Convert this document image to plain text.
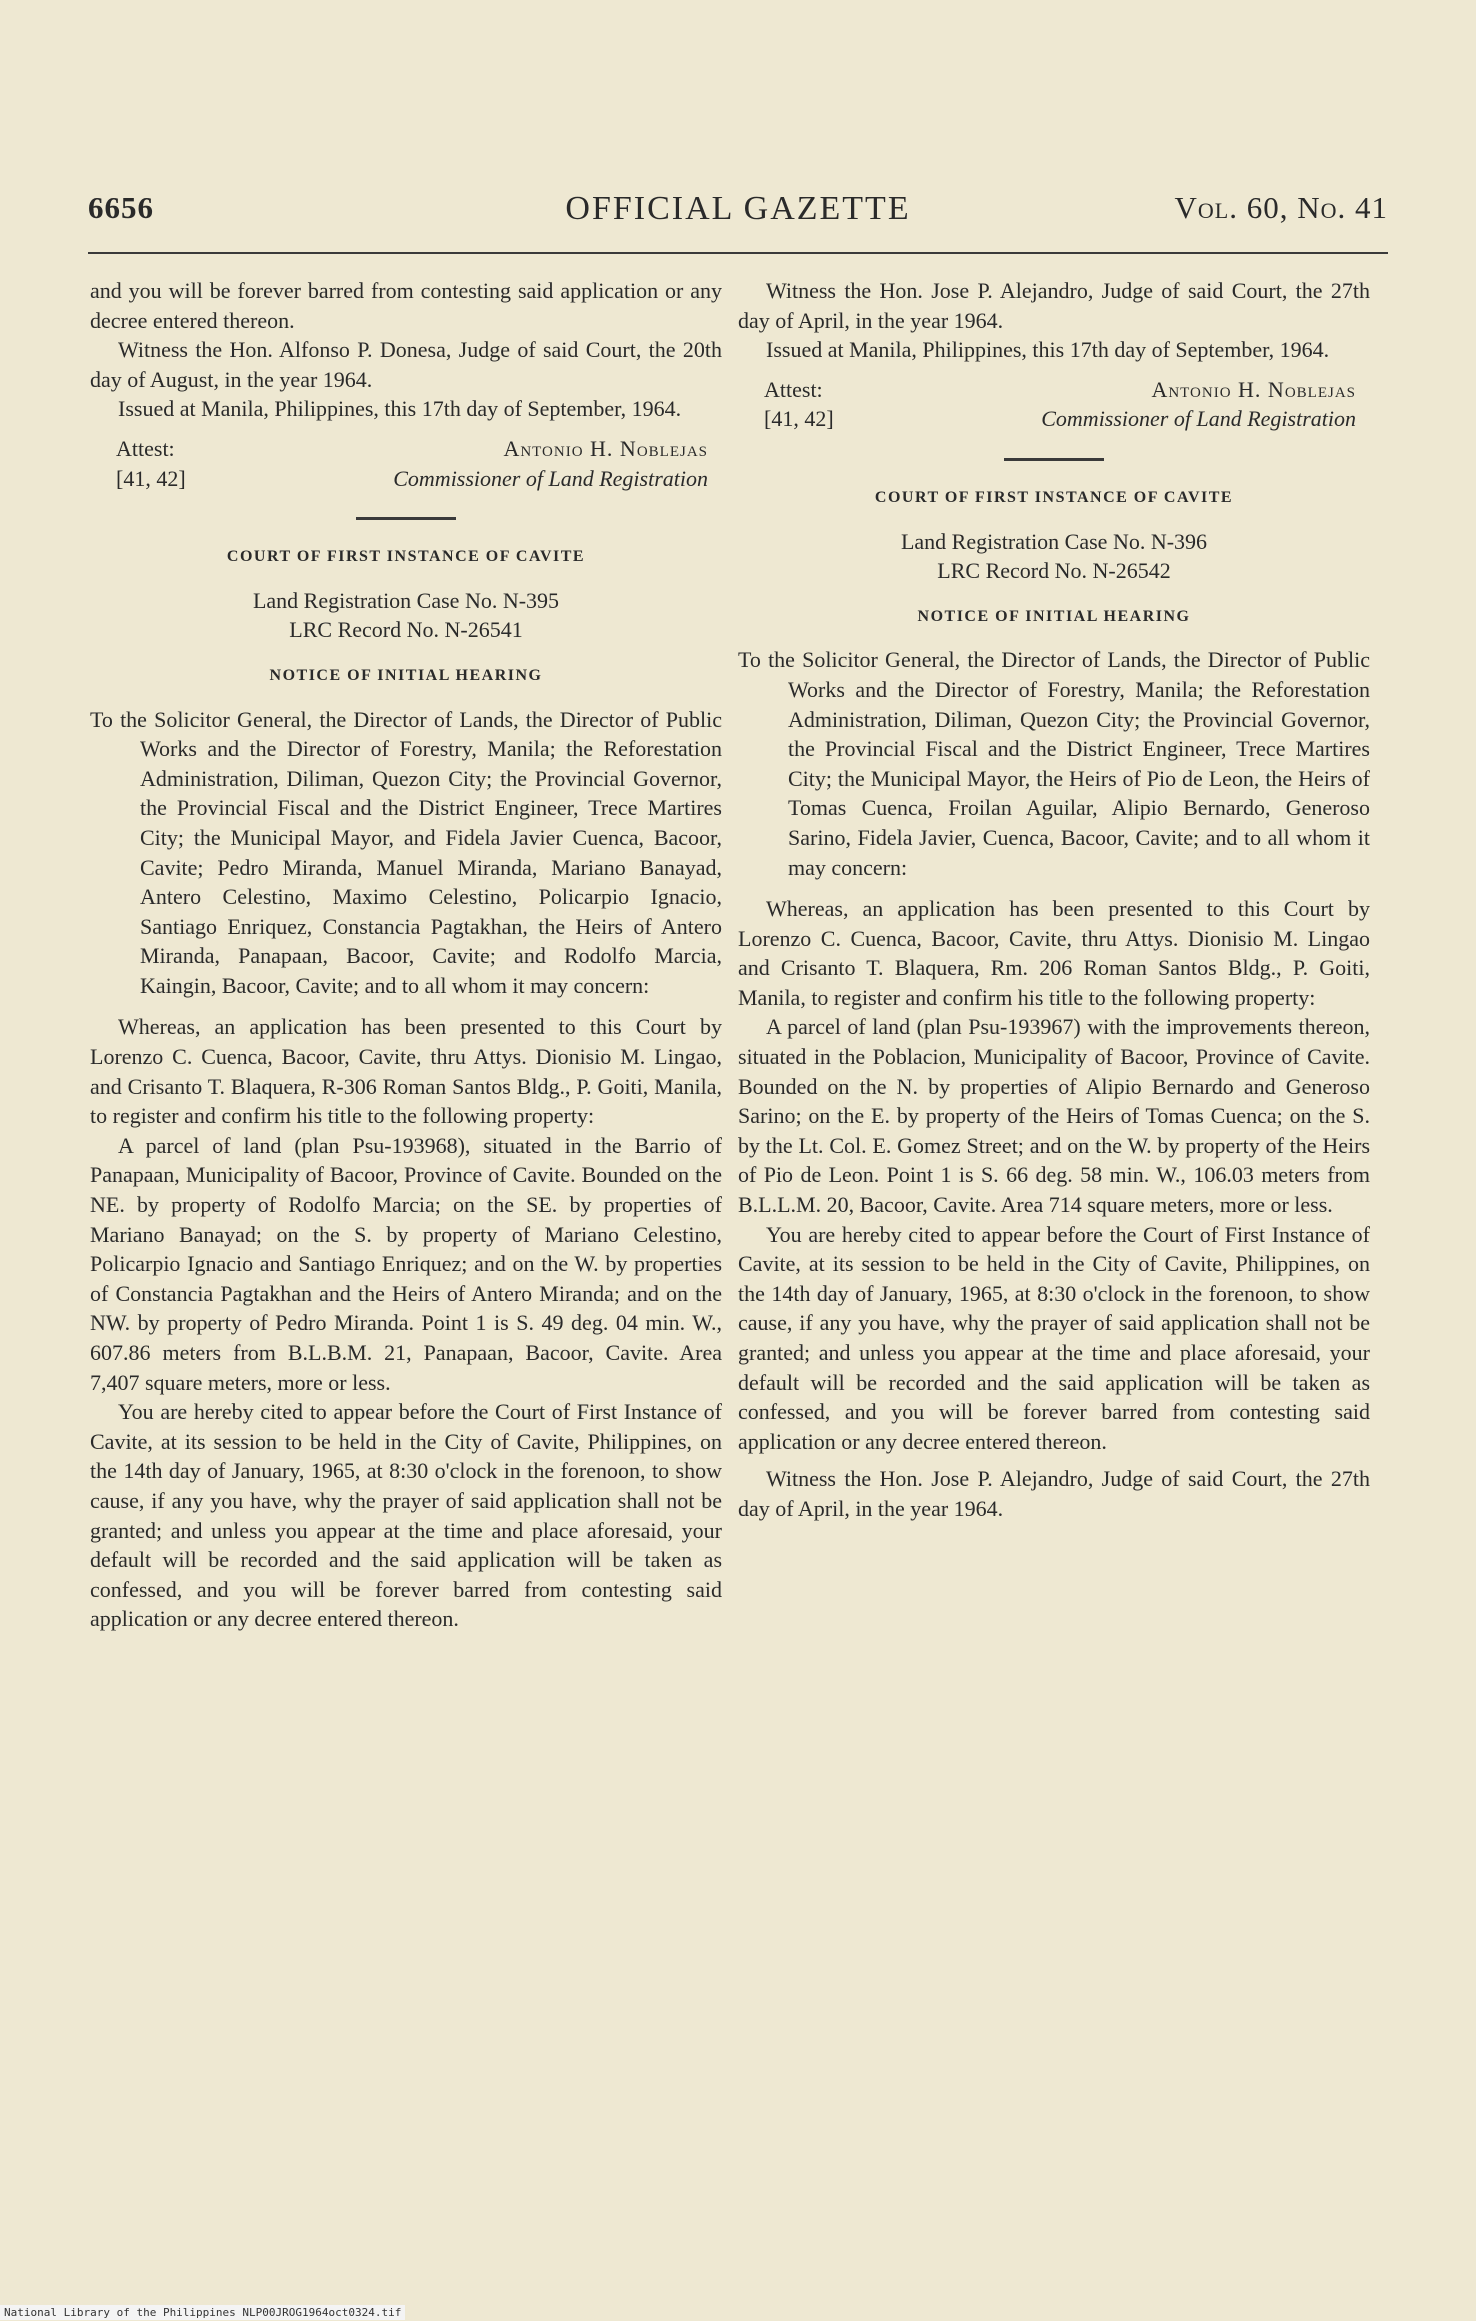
6656	OFFICIAL GAZETTE	Vol. 60, No. 41

and you will be forever barred from contesting said application or any decree entered thereon.

Witness the Hon. Alfonso P. Donesa, Judge of said Court, the 20th day of August, in the year 1964.

Issued at Manila, Philippines, this 17th day of September, 1964.

Attest:	Antonio H. Noblejas
[41, 42]	Commissioner of Land Registration
COURT OF FIRST INSTANCE OF CAVITE
Land Registration Case No. N-395
LRC Record No. N-26541
NOTICE OF INITIAL HEARING

To the Solicitor General, the Director of Lands, the Director of Public Works and the Director of Forestry, Manila; the Reforestation Administration, Diliman, Quezon City; the Provincial Governor, the Provincial Fiscal and the District Engineer, Trece Martires City; the Municipal Mayor, and Fidela Javier Cuenca, Bacoor, Cavite; Pedro Miranda, Manuel Miranda, Mariano Banayad, Antero Celestino, Maximo Celestino, Policarpio Ignacio, Santiago Enriquez, Constancia Pagtakhan, the Heirs of Antero Miranda, Panapaan, Bacoor, Cavite; and Rodolfo Marcia, Kaingin, Bacoor, Cavite; and to all whom it may concern:

Whereas, an application has been presented to this Court by Lorenzo C. Cuenca, Bacoor, Cavite, thru Attys. Dionisio M. Lingao, and Crisanto T. Blaquera, R-306 Roman Santos Bldg., P. Goiti, Manila, to register and confirm his title to the following property:

A parcel of land (plan Psu-193968), situated in the Barrio of Panapaan, Municipality of Bacoor, Province of Cavite. Bounded on the NE. by property of Rodolfo Marcia; on the SE. by properties of Mariano Banayad; on the S. by property of Mariano Celestino, Policarpio Ignacio and Santiago Enriquez; and on the W. by properties of Constancia Pagtakhan and the Heirs of Antero Miranda; and on the NW. by property of Pedro Miranda. Point 1 is S. 49 deg. 04 min. W., 607.86 meters from B.L.B.M. 21, Panapaan, Bacoor, Cavite. Area 7,407 square meters, more or less.

You are hereby cited to appear before the Court of First Instance of Cavite, at its session to be held in the City of Cavite, Philippines, on the 14th day of January, 1965, at 8:30 o'clock in the forenoon, to show cause, if any you have, why the prayer of said application shall not be granted; and unless you appear at the time and place aforesaid, your default will be recorded and the said application will be taken as confessed, and you will be forever barred from contesting said application or any decree entered thereon.

Witness the Hon. Jose P. Alejandro, Judge of said Court, the 27th day of April, in the year 1964.

Issued at Manila, Philippines, this 17th day of September, 1964.

Attest:	Antonio H. Noblejas
[41, 42]	Commissioner of Land Registration
COURT OF FIRST INSTANCE OF CAVITE
Land Registration Case No. N-396
LRC Record No. N-26542
NOTICE OF INITIAL HEARING

To the Solicitor General, the Director of Lands, the Director of Public Works and the Director of Forestry, Manila; the Reforestation Administration, Diliman, Quezon City; the Provincial Governor, the Provincial Fiscal and the District Engineer, Trece Martires City; the Municipal Mayor, the Heirs of Pio de Leon, the Heirs of Tomas Cuenca, Froilan Aguilar, Alipio Bernardo, Generoso Sarino, Fidela Javier, Cuenca, Bacoor, Cavite; and to all whom it may concern:

Whereas, an application has been presented to this Court by Lorenzo C. Cuenca, Bacoor, Cavite, thru Attys. Dionisio M. Lingao and Crisanto T. Blaquera, Rm. 206 Roman Santos Bldg., P. Goiti, Manila, to register and confirm his title to the following property:

A parcel of land (plan Psu-193967) with the improvements thereon, situated in the Poblacion, Municipality of Bacoor, Province of Cavite. Bounded on the N. by properties of Alipio Bernardo and Generoso Sarino; on the E. by property of the Heirs of Tomas Cuenca; on the S. by the Lt. Col. E. Gomez Street; and on the W. by property of the Heirs of Pio de Leon. Point 1 is S. 66 deg. 58 min. W., 106.03 meters from B.L.L.M. 20, Bacoor, Cavite. Area 714 square meters, more or less.

You are hereby cited to appear before the Court of First Instance of Cavite, at its session to be held in the City of Cavite, Philippines, on the 14th day of January, 1965, at 8:30 o'clock in the forenoon, to show cause, if any you have, why the prayer of said application shall not be granted; and unless you appear at the time and place aforesaid, your default will be recorded and the said application will be taken as confessed, and you will be forever barred from contesting said application or any decree entered thereon.

Witness the Hon. Jose P. Alejandro, Judge of said Court, the 27th day of April, in the year 1964.

National Library of the Philippines NLP00JROG1964oct0324.tif
